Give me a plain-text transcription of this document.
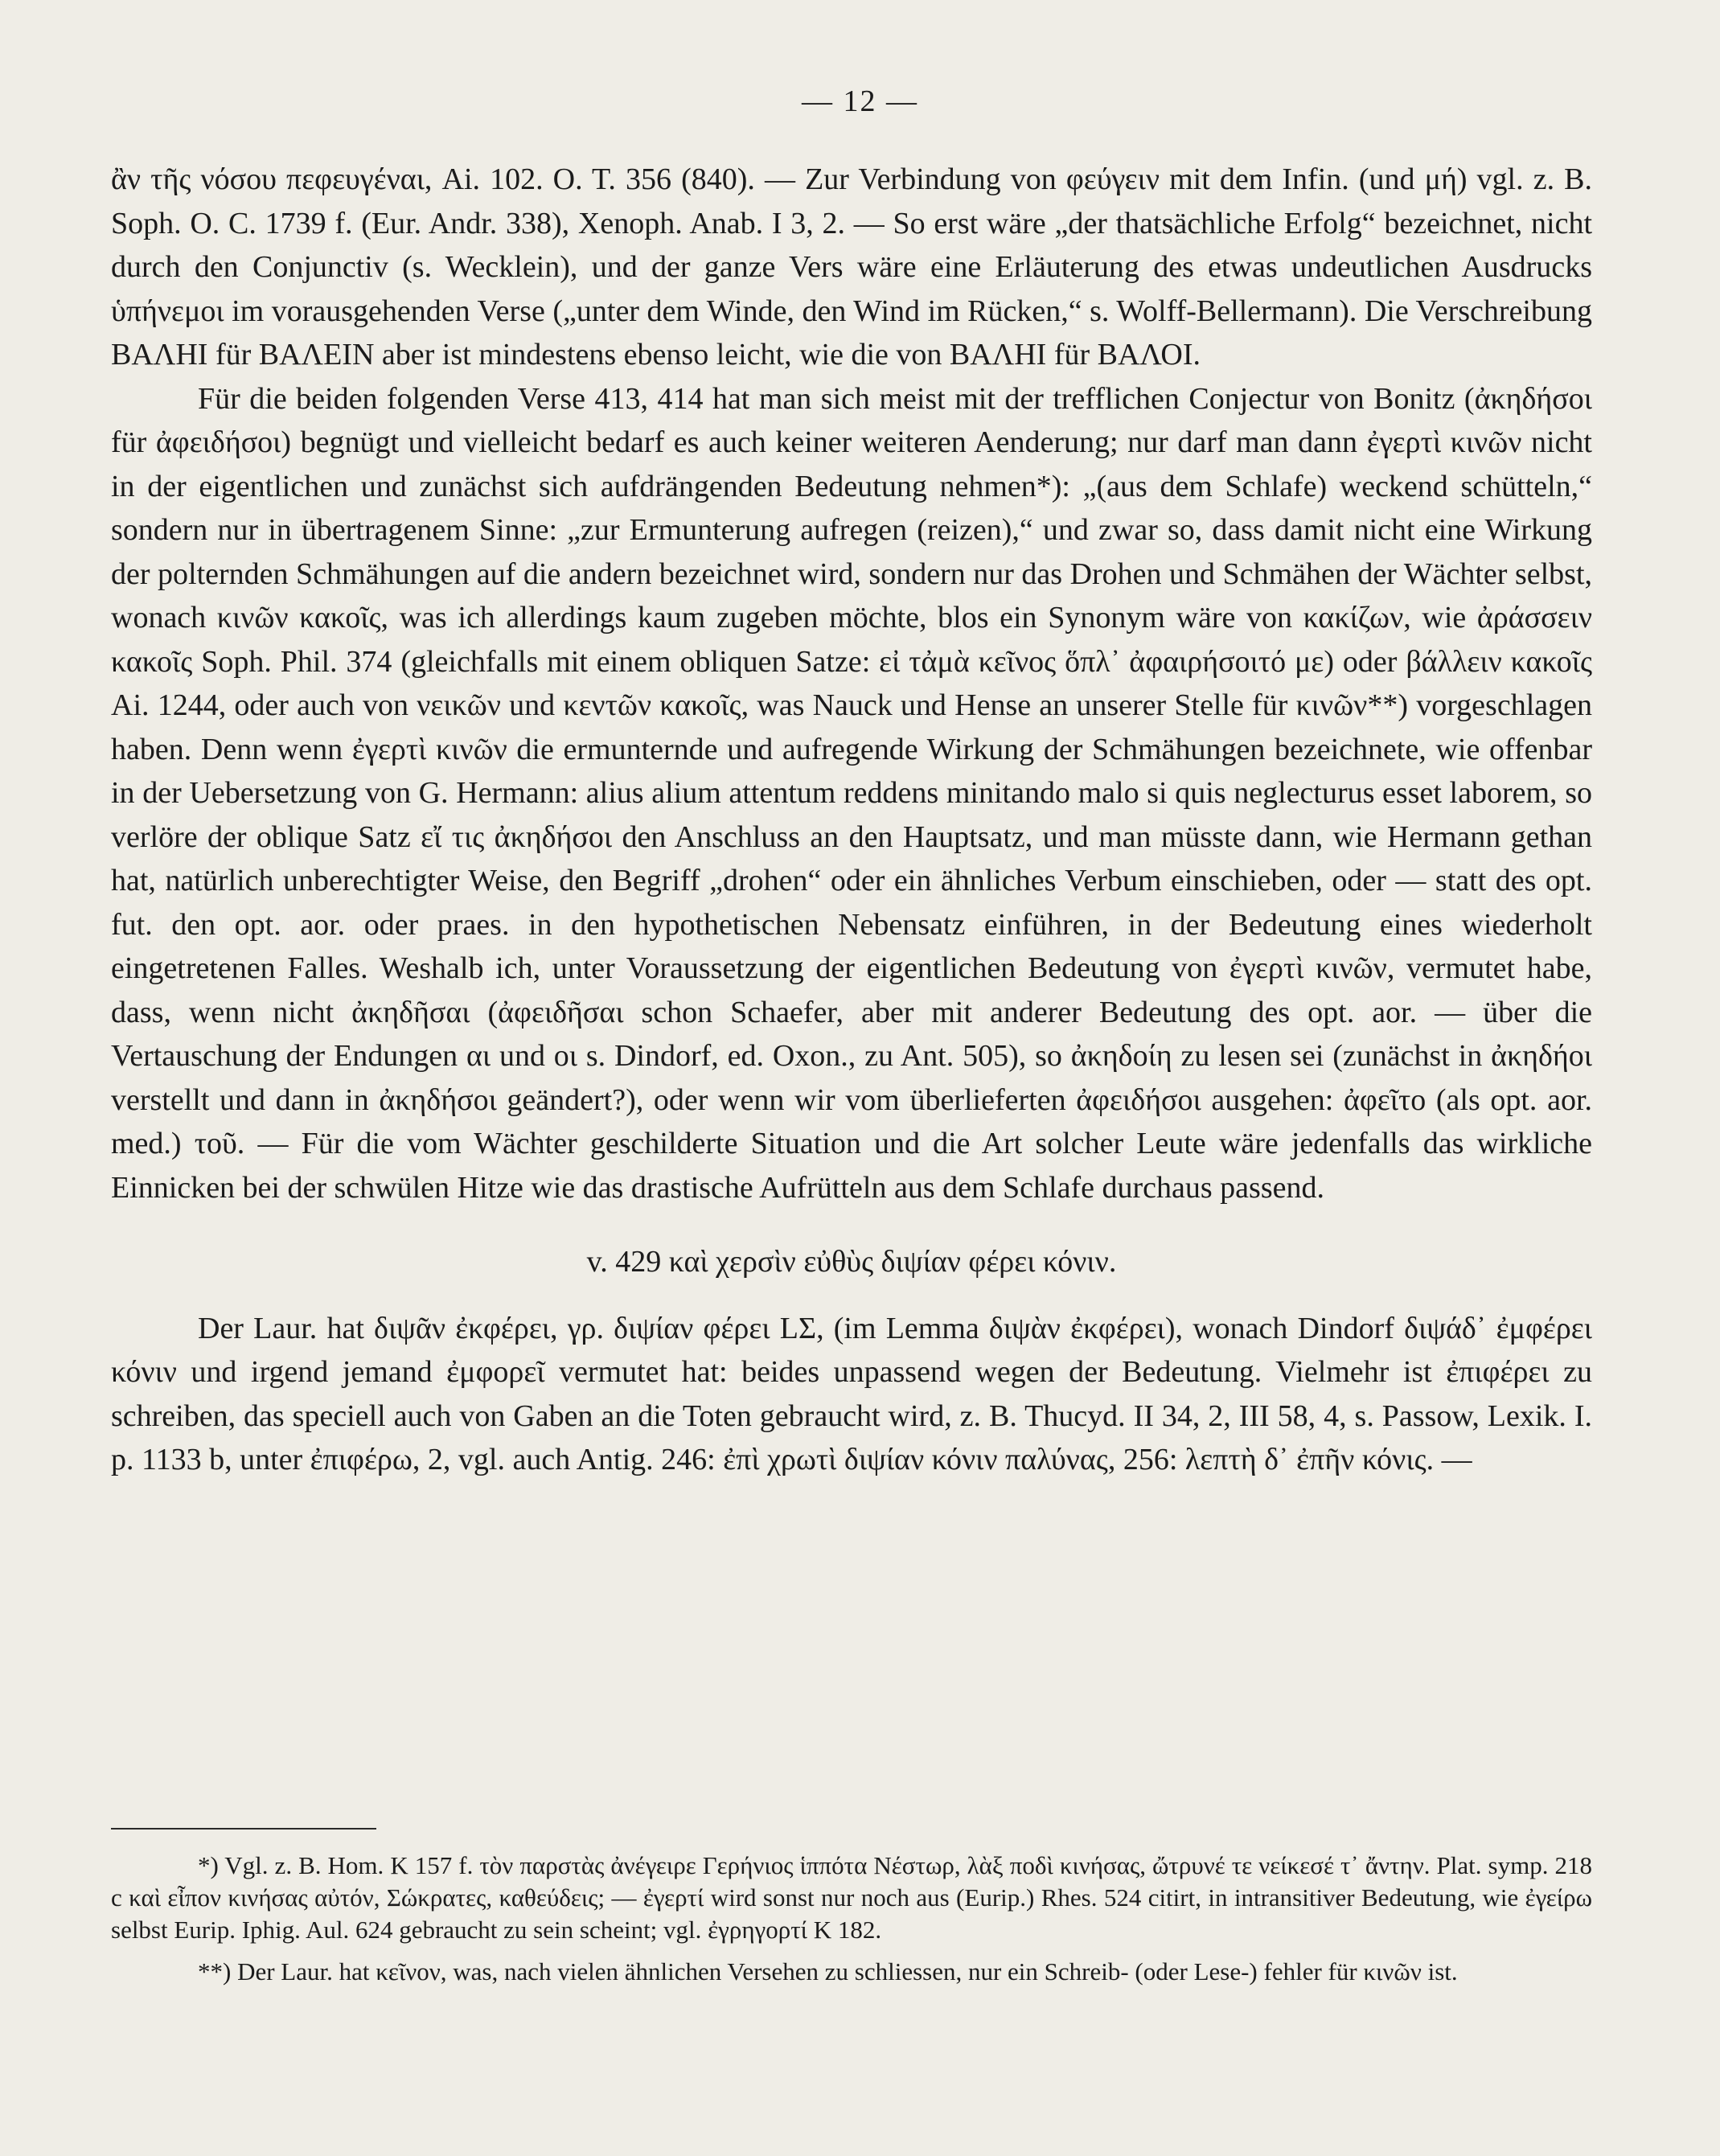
— 12 —

ἂν τῆς νόσου πεφευγέναι, Ai. 102. O. T. 356 (840). — Zur Verbindung von φεύγειν mit dem Infin. (und μή) vgl. z. B. Soph. O. C. 1739 f. (Eur. Andr. 338), Xenoph. Anab. I 3, 2. — So erst wäre „der thatsächliche Erfolg“ bezeichnet, nicht durch den Conjunctiv (s. Wecklein), und der ganze Vers wäre eine Erläuterung des etwas undeutlichen Ausdrucks ὑπήνεμοι im vorausgehenden Verse („unter dem Winde, den Wind im Rücken,“ s. Wolff-Bellermann). Die Verschreibung ΒΑΛΗΙ für ΒΑΛΕΙΝ aber ist mindestens ebenso leicht, wie die von ΒΑΛΗΙ für ΒΑΛΟΙ.

Für die beiden folgenden Verse 413, 414 hat man sich meist mit der trefflichen Conjectur von Bonitz (ἀκηδήσοι für ἀφειδήσοι) begnügt und vielleicht bedarf es auch keiner weiteren Aenderung; nur darf man dann ἐγερτὶ κινῶν nicht in der eigentlichen und zunächst sich aufdrängenden Bedeutung nehmen*): „(aus dem Schlafe) weckend schütteln,“ sondern nur in übertragenem Sinne: „zur Ermunterung aufregen (reizen),“ und zwar so, dass damit nicht eine Wirkung der polternden Schmähungen auf die andern bezeichnet wird, sondern nur das Drohen und Schmähen der Wächter selbst, wonach κινῶν κακοῖς, was ich allerdings kaum zugeben möchte, blos ein Synonym wäre von κακίζων, wie ἀράσσειν κακοῖς Soph. Phil. 374 (gleichfalls mit einem obliquen Satze: εἰ τἀμὰ κεῖνος ὅπλ᾽ ἀφαιρήσοιτό με) oder βάλλειν κακοῖς Ai. 1244, oder auch von νεικῶν und κεντῶν κακοῖς, was Nauck und Hense an unserer Stelle für κινῶν**) vorgeschlagen haben. Denn wenn ἐγερτὶ κινῶν die ermunternde und aufregende Wirkung der Schmähungen bezeichnete, wie offenbar in der Uebersetzung von G. Hermann: alius alium attentum reddens minitando malo si quis neglecturus esset laborem, so verlöre der oblique Satz εἴ τις ἀκηδήσοι den Anschluss an den Hauptsatz, und man müsste dann, wie Hermann gethan hat, natürlich unberechtigter Weise, den Begriff „drohen“ oder ein ähnliches Verbum einschieben, oder — statt des opt. fut. den opt. aor. oder praes. in den hypothetischen Nebensatz einführen, in der Bedeutung eines wiederholt eingetretenen Falles. Weshalb ich, unter Voraussetzung der eigentlichen Bedeutung von ἐγερτὶ κινῶν, vermutet habe, dass, wenn nicht ἀκηδῆσαι (ἀφειδῆσαι schon Schaefer, aber mit anderer Bedeutung des opt. aor. — über die Vertauschung der Endungen αι und οι s. Dindorf, ed. Oxon., zu Ant. 505), so ἀκηδοίη zu lesen sei (zunächst in ἀκηδήοι verstellt und dann in ἀκηδήσοι geändert?), oder wenn wir vom überlieferten ἀφειδήσοι ausgehen: ἀφεῖτο (als opt. aor. med.) τοῦ. — Für die vom Wächter geschilderte Situation und die Art solcher Leute wäre jedenfalls das wirkliche Einnicken bei der schwülen Hitze wie das drastische Aufrütteln aus dem Schlafe durchaus passend.

v. 429 καὶ χερσὶν εὐθὺς διψίαν φέρει κόνιν.

Der Laur. hat διψᾶν ἐκφέρει, γρ. διψίαν φέρει LΣ, (im Lemma διψὰν ἐκφέρει), wonach Dindorf διψάδ᾽ ἐμφέρει κόνιν und irgend jemand ἐμφορεῖ vermutet hat: beides unpassend wegen der Bedeutung. Vielmehr ist ἐπιφέρει zu schreiben, das speciell auch von Gaben an die Toten gebraucht wird, z. B. Thucyd. II 34, 2, III 58, 4, s. Passow, Lexik. I. p. 1133 b, unter ἐπιφέρω, 2, vgl. auch Antig. 246: ἐπὶ χρωτὶ διψίαν κόνιν παλύνας, 256: λεπτὴ δ᾽ ἐπῆν κόνις. —

*) Vgl. z. B. Hom. Κ 157 f. τὸν παρστὰς ἀνέγειρε Γερήνιος ἱππότα Νέστωρ, λὰξ ποδὶ κινήσας, ὤτρυνέ τε νείκεσέ τ᾽ ἄντην. Plat. symp. 218 c καὶ εἶπον κινήσας αὐτόν, Σώκρατες, καθεύδεις; — ἐγερτί wird sonst nur noch aus (Eurip.) Rhes. 524 citirt, in intransitiver Bedeutung, wie ἐγείρω selbst Eurip. Iphig. Aul. 624 gebraucht zu sein scheint; vgl. ἐγρηγορτί Κ 182.

**) Der Laur. hat κεῖνον, was, nach vielen ähnlichen Versehen zu schliessen, nur ein Schreib- (oder Lese-) fehler für κινῶν ist.
